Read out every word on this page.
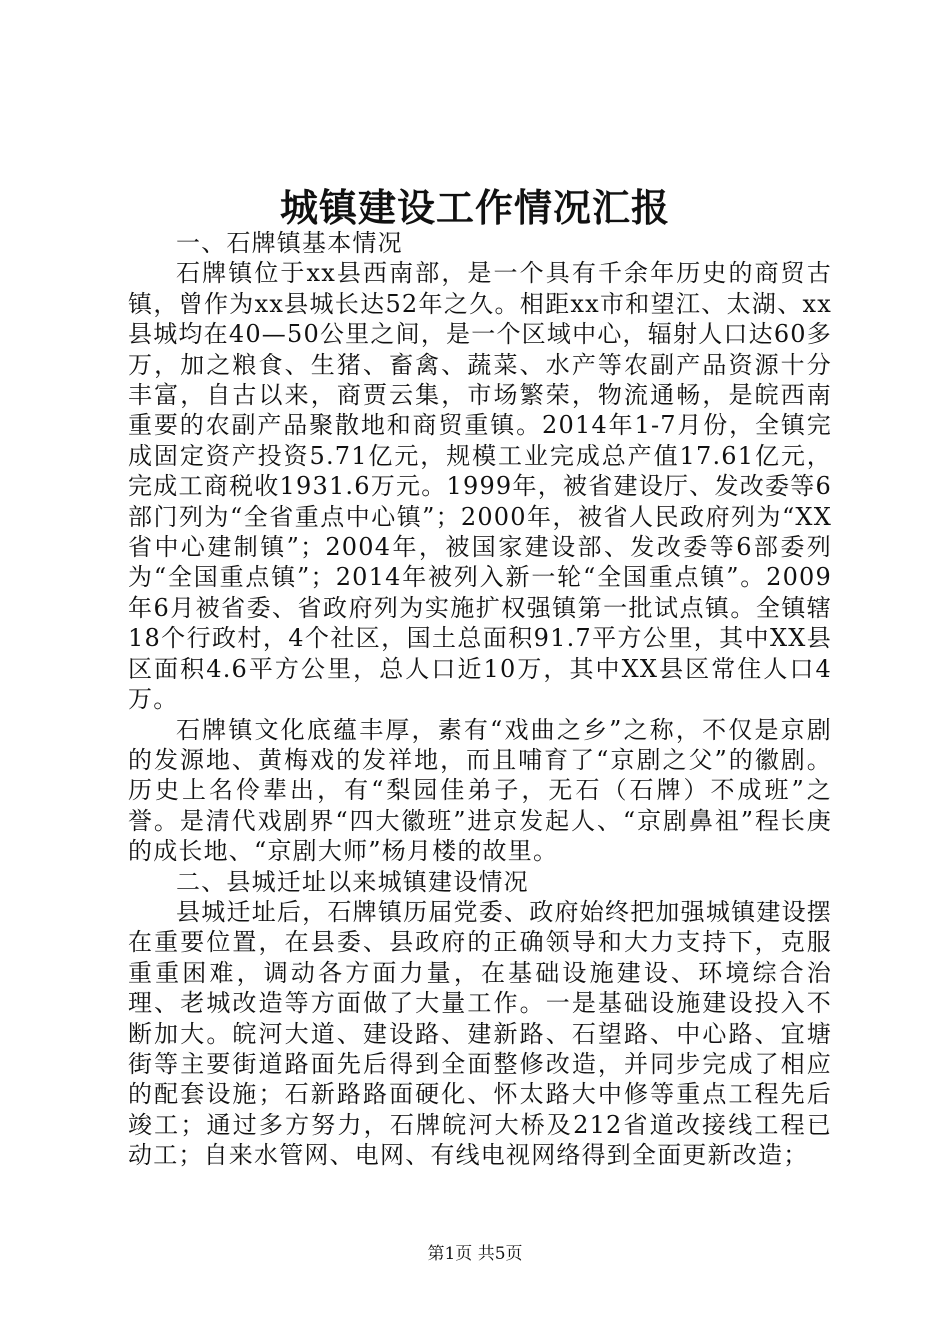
城镇建设工作情况汇报

一、石牌镇基本情况

石牌镇位于xx县西南部，是一个具有千余年历史的商贸古镇，曾作为xx县城长达52年之久。相距xx市和望江、太湖、xx县城均在40—50公里之间，是一个区域中心，辐射人口达60多万，加之粮食、生猪、畜禽、蔬菜、水产等农副产品资源十分丰富，自古以来，商贾云集，市场繁荣，物流通畅，是皖西南重要的农副产品聚散地和商贸重镇。2014年1-7月份，全镇完成固定资产投资5.71亿元，规模工业完成总产值17.61亿元，完成工商税收1931.6万元。1999年，被省建设厅、发改委等6部门列为“全省重点中心镇”；2000年，被省人民政府列为“XX省中心建制镇”；2004年，被国家建设部、发改委等6部委列为“全国重点镇”；2014年被列入新一轮“全国重点镇”。2009年6月被省委、省政府列为实施扩权强镇第一批试点镇。全镇辖18个行政村，4个社区，国土总面积91.7平方公里，其中XX县区面积4.6平方公里，总人口近10万，其中XX县区常住人口4万。

石牌镇文化底蕴丰厚，素有“戏曲之乡”之称，不仅是京剧的发源地、黄梅戏的发祥地，而且哺育了“京剧之父”的徽剧。历史上名伶辈出，有“梨园佳弟子，无石（石牌）不成班”之誉。是清代戏剧界“四大徽班”进京发起人、“京剧鼻祖”程长庚的成长地、“京剧大师”杨月楼的故里。

二、县城迁址以来城镇建设情况

县城迁址后，石牌镇历届党委、政府始终把加强城镇建设摆在重要位置，在县委、县政府的正确领导和大力支持下，克服重重困难，调动各方面力量，在基础设施建设、环境综合治理、老城改造等方面做了大量工作。一是基础设施建设投入不断加大。皖河大道、建设路、建新路、石望路、中心路、宜塘街等主要街道路面先后得到全面整修改造，并同步完成了相应的配套设施；石新路路面硬化、怀太路大中修等重点工程先后竣工；通过多方努力，石牌皖河大桥及212省道改接线工程已动工；自来水管网、电网、有线电视网络得到全面更新改造；

第1页 共5页
